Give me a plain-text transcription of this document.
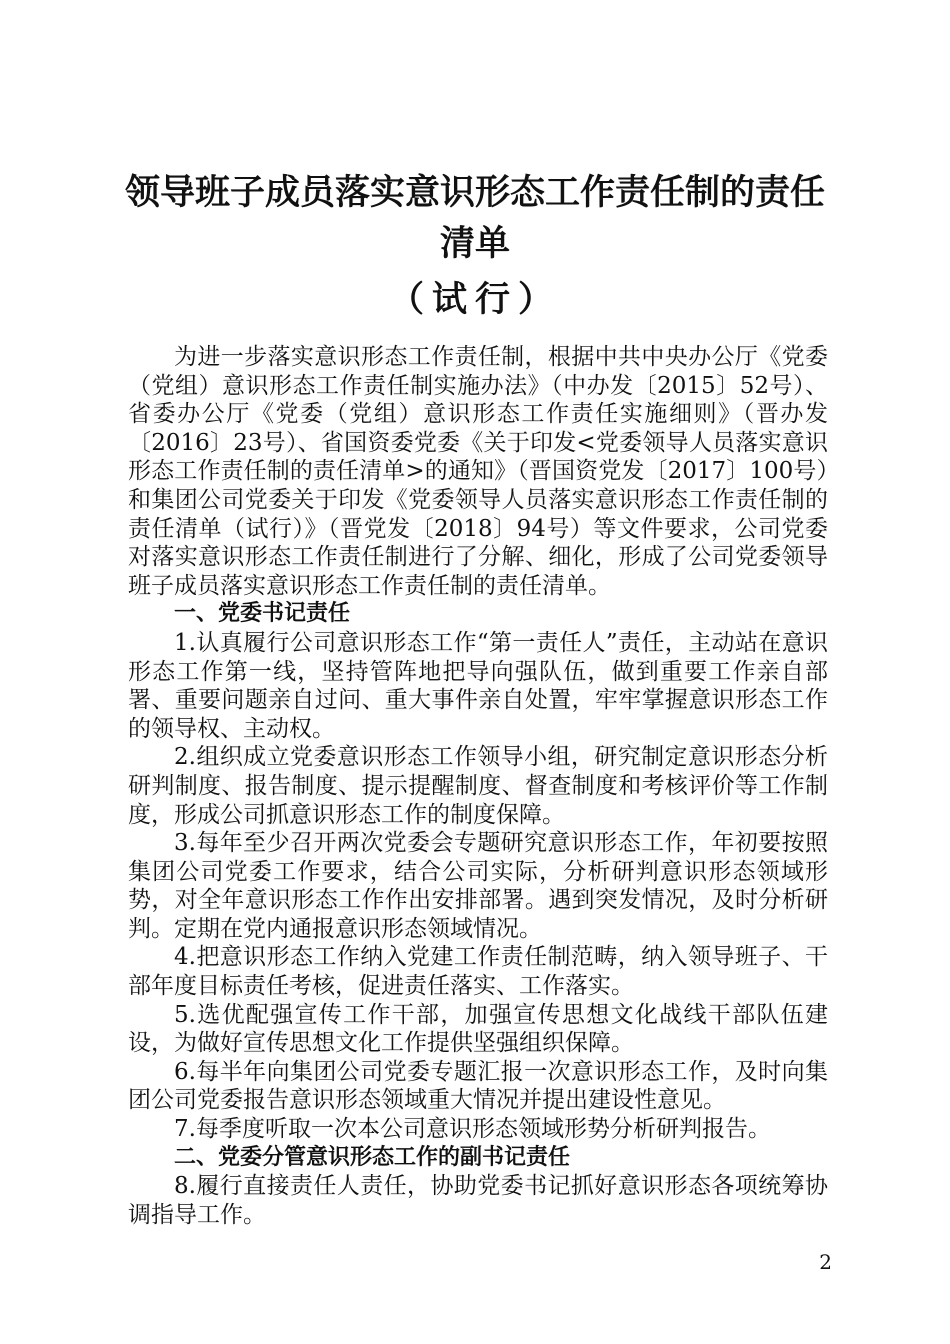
领导班子成员落实意识形态工作责任制的责任
清单
（试行）

为进一步落实意识形态工作责任制，根据中共中央办公厅《党委（党组）意识形态工作责任制实施办法》（中办发〔2015〕52号）、省委办公厅《党委（党组）意识形态工作责任实施细则》（晋办发〔2016〕23号）、省国资委党委《关于印发<党委领导人员落实意识形态工作责任制的责任清单>的通知》（晋国资党发〔2017〕100号）和集团公司党委关于印发《党委领导人员落实意识形态工作责任制的责任清单（试行）》（晋党发〔2018〕94号）等文件要求，公司党委对落实意识形态工作责任制进行了分解、细化，形成了公司党委领导班子成员落实意识形态工作责任制的责任清单。

一、党委书记责任

1.认真履行公司意识形态工作“第一责任人”责任，主动站在意识形态工作第一线，坚持管阵地把导向强队伍，做到重要工作亲自部署、重要问题亲自过问、重大事件亲自处置，牢牢掌握意识形态工作的领导权、主动权。

2.组织成立党委意识形态工作领导小组，研究制定意识形态分析研判制度、报告制度、提示提醒制度、督查制度和考核评价等工作制度，形成公司抓意识形态工作的制度保障。

3.每年至少召开两次党委会专题研究意识形态工作，年初要按照集团公司党委工作要求，结合公司实际，分析研判意识形态领域形势，对全年意识形态工作作出安排部署。遇到突发情况，及时分析研判。定期在党内通报意识形态领域情况。

4.把意识形态工作纳入党建工作责任制范畴，纳入领导班子、干部年度目标责任考核，促进责任落实、工作落实。

5.选优配强宣传工作干部，加强宣传思想文化战线干部队伍建设，为做好宣传思想文化工作提供坚强组织保障。

6.每半年向集团公司党委专题汇报一次意识形态工作，及时向集团公司党委报告意识形态领域重大情况并提出建设性意见。

7.每季度听取一次本公司意识形态领域形势分析研判报告。

二、党委分管意识形态工作的副书记责任

8.履行直接责任人责任，协助党委书记抓好意识形态各项统筹协调指导工作。

2
